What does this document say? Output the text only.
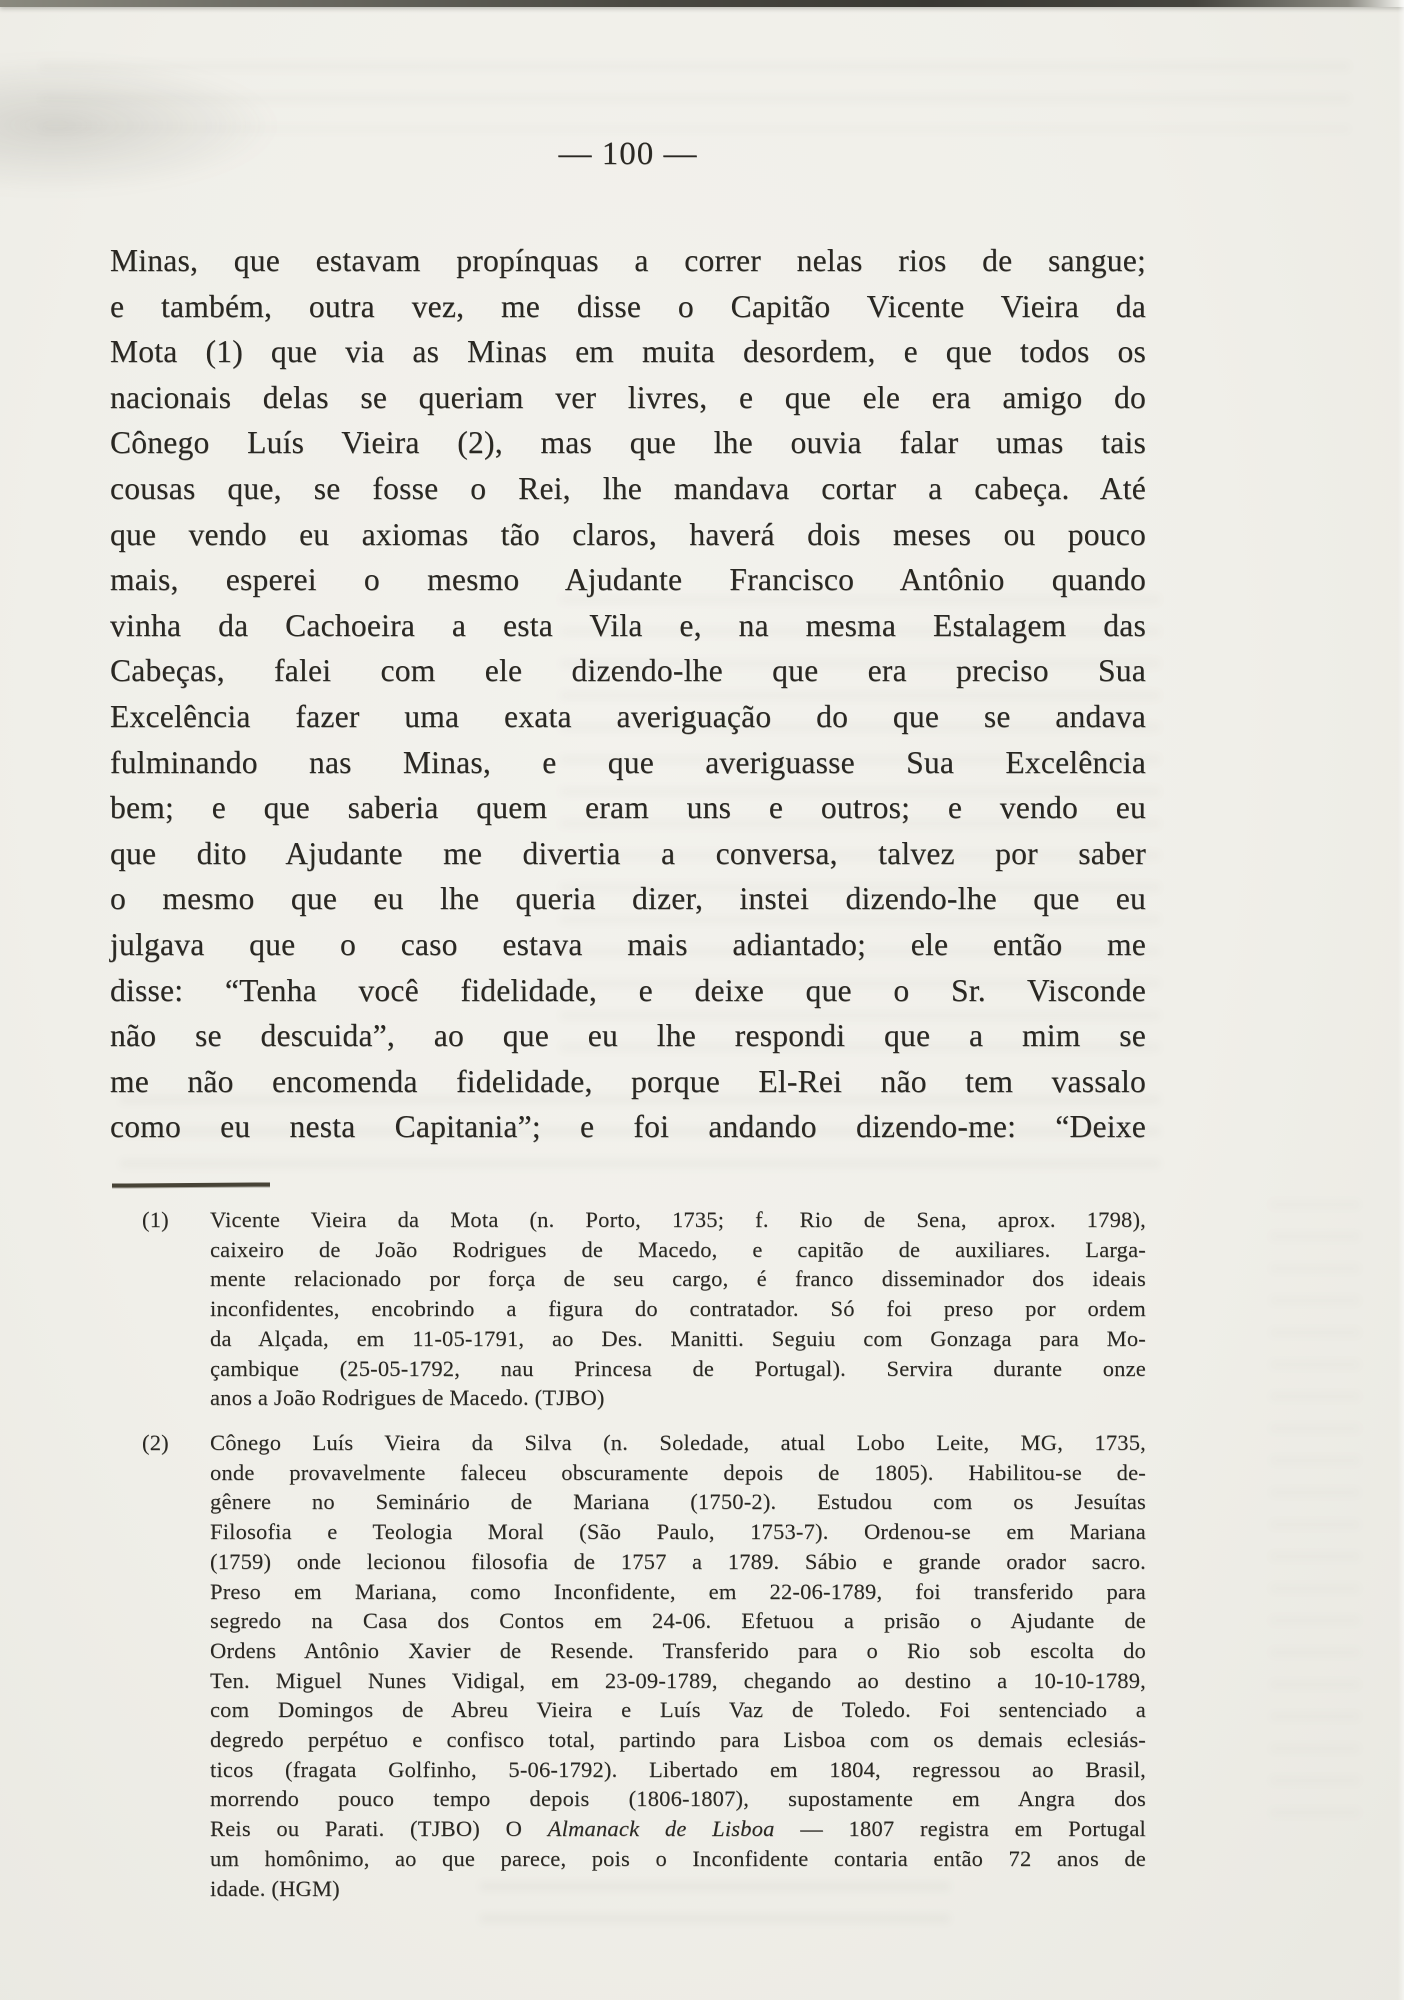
— 100 —
Minas, que estavam propínquas a correr nelas rios de sangue;
e também, outra vez, me disse o Capitão Vicente Vieira da
Mota (1) que via as Minas em muita desordem, e que todos os
nacionais delas se queriam ver livres, e que ele era amigo do
Cônego Luís Vieira (2), mas que lhe ouvia falar umas tais
cousas que, se fosse o Rei, lhe mandava cortar a cabeça. Até
que vendo eu axiomas tão claros, haverá dois meses ou pouco
mais, esperei o mesmo Ajudante Francisco Antônio quando
vinha da Cachoeira a esta Vila e, na mesma Estalagem das
Cabeças, falei com ele dizendo-lhe que era preciso Sua
Excelência fazer uma exata averiguação do que se andava
fulminando nas Minas, e que averiguasse Sua Excelência
bem; e que saberia quem eram uns e outros; e vendo eu
que dito Ajudante me divertia a conversa, talvez por saber
o mesmo que eu lhe queria dizer, instei dizendo-lhe que eu
julgava que o caso estava mais adiantado; ele então me
disse: “Tenha você fidelidade, e deixe que o Sr. Visconde
não se descuida”, ao que eu lhe respondi que a mim se
me não encomenda fidelidade, porque El-Rei não tem vassalo
como eu nesta Capitania”; e foi andando dizendo-me: “Deixe
(1) Vicente Vieira da Mota (n. Porto, 1735; f. Rio de Sena, aprox. 1798),
caixeiro de João Rodrigues de Macedo, e capitão de auxiliares. Larga-
mente relacionado por força de seu cargo, é franco disseminador dos ideais
inconfidentes, encobrindo a figura do contratador. Só foi preso por ordem
da Alçada, em 11-05-1791, ao Des. Manitti. Seguiu com Gonzaga para Mo-
çambique (25-05-1792, nau Princesa de Portugal). Servira durante onze
anos a João Rodrigues de Macedo. (TJBO)
(2) Cônego Luís Vieira da Silva (n. Soledade, atual Lobo Leite, MG, 1735,
onde provavelmente faleceu obscuramente depois de 1805). Habilitou-se de-
gênere no Seminário de Mariana (1750-2). Estudou com os Jesuítas
Filosofia e Teologia Moral (São Paulo, 1753-7). Ordenou-se em Mariana
(1759) onde lecionou filosofia de 1757 a 1789. Sábio e grande orador sacro.
Preso em Mariana, como Inconfidente, em 22-06-1789, foi transferido para
segredo na Casa dos Contos em 24-06. Efetuou a prisão o Ajudante de
Ordens Antônio Xavier de Resende. Transferido para o Rio sob escolta do
Ten. Miguel Nunes Vidigal, em 23-09-1789, chegando ao destino a 10-10-1789,
com Domingos de Abreu Vieira e Luís Vaz de Toledo. Foi sentenciado a
degredo perpétuo e confisco total, partindo para Lisboa com os demais eclesiás-
ticos (fragata Golfinho, 5-06-1792). Libertado em 1804, regressou ao Brasil,
morrendo pouco tempo depois (1806-1807), supostamente em Angra dos
Reis ou Parati. (TJBO) O Almanack de Lisboa — 1807 registra em Portugal
um homônimo, ao que parece, pois o Inconfidente contaria então 72 anos de
idade. (HGM)
